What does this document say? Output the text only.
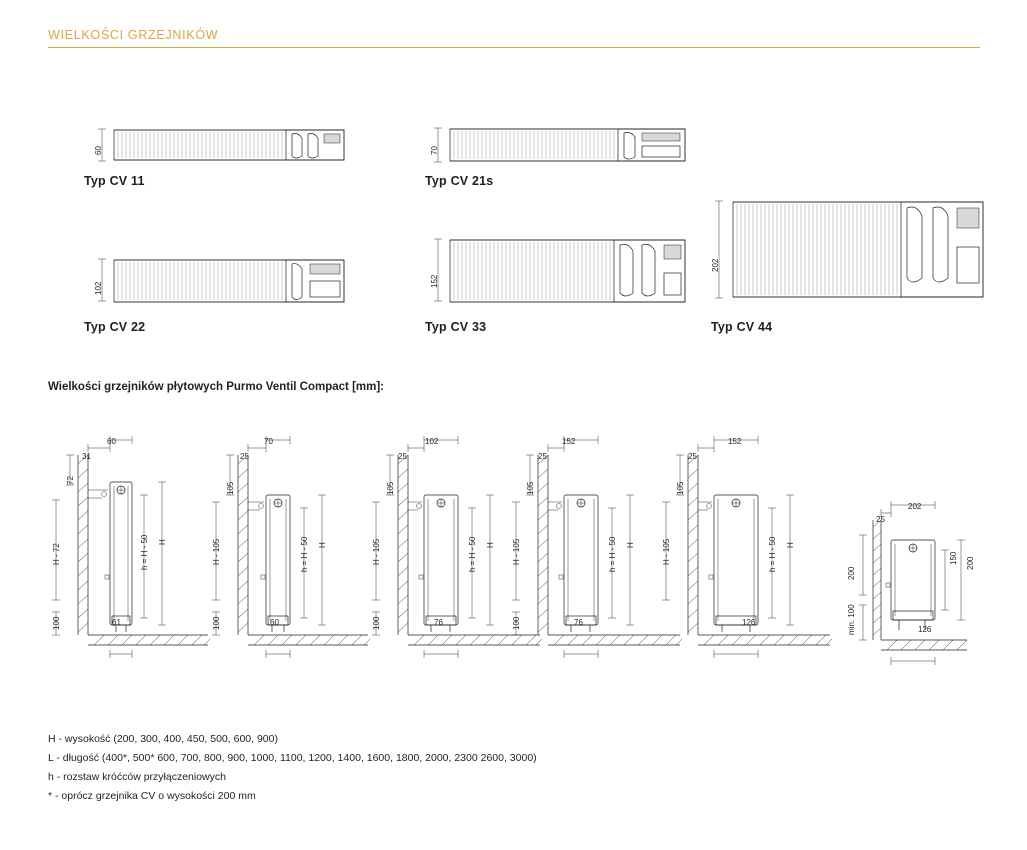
WIELKOŚCI GRZEJNIKÓW
60
Typ CV 11
70
Typ CV 21s
102
Typ CV 22
152
Typ CV 33
202
Typ CV 44
Wielkości grzejników płytowych Purmo Ventil Compact [mm]:
31
60
72
H - 72
100
h = H - 50 H
61
25
70
105
H - 105
100
h = H - 50 H
60
25
102
105
H - 105
100
h = H - 50 H
76
25
152
105
H - 105
100
h = H - 50 H
76
25
152
105
H - 105	h = H - 50 H
126
25
202
200
min. 100
150 200
126
H - wysokość (200, 300, 400, 450, 500, 600, 900)
L - długość (400*, 500* 600, 700, 800, 900, 1000, 1100, 1200, 1400, 1600, 1800, 2000, 2300 2600, 3000)
h - rozstaw króćców przyłączeniowych
* - oprócz grzejnika CV o wysokości 200 mm
